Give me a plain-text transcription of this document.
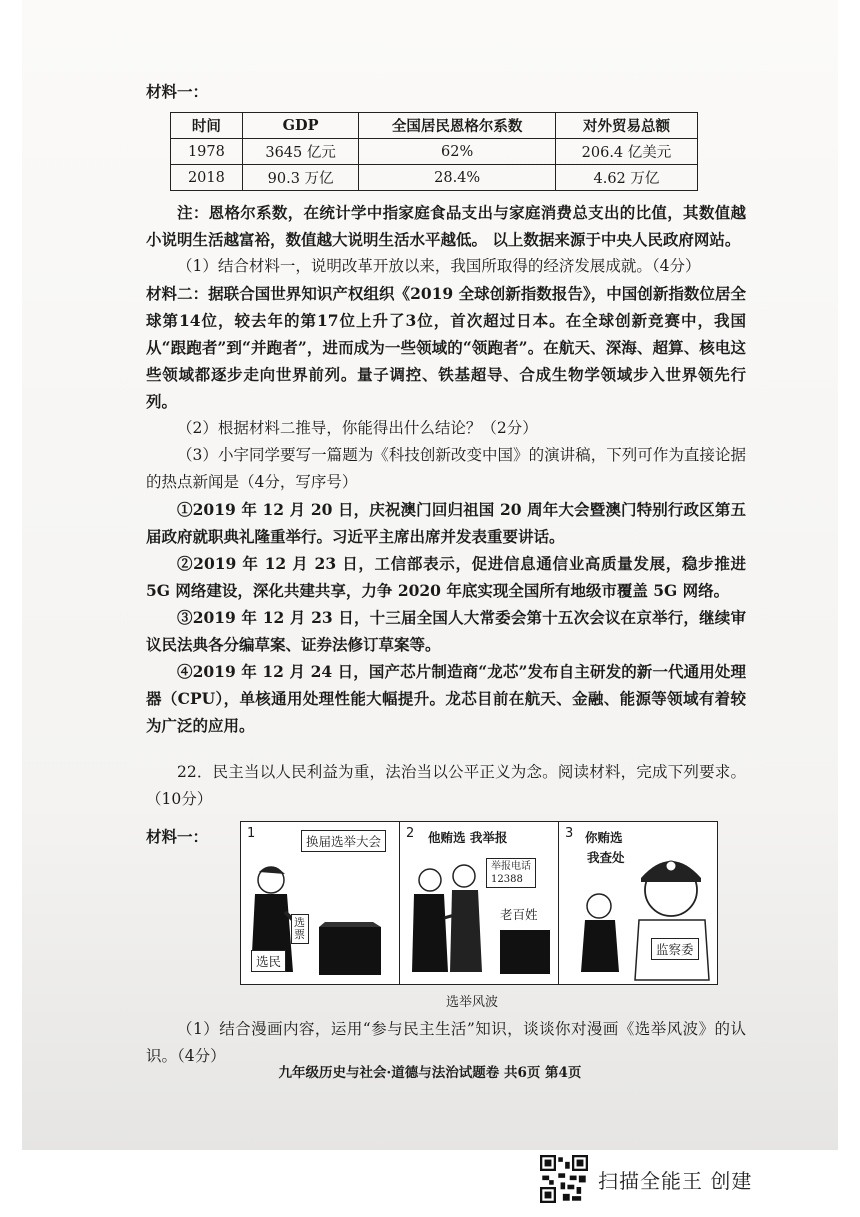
材料一：
时间	GDP	全国居民恩格尔系数	对外贸易总额
1978	3645 亿元	62%	206.4 亿美元
2018	90.3 万亿	28.4%	4.62 万亿
注：恩格尔系数，在统计学中指家庭食品支出与家庭消费总支出的比值，其数值越小说明生活越富裕，数值越大说明生活水平越低。 以上数据来源于中央人民政府网站。
（1）结合材料一，说明改革开放以来，我国所取得的经济发展成就。（4分）
材料二：据联合国世界知识产权组织《2019 全球创新指数报告》，中国创新指数位居全球第14位，较去年的第17位上升了3位，首次超过日本。在全球创新竞赛中，我国从“跟跑者”到“并跑者”，进而成为一些领域的“领跑者”。在航天、深海、超算、核电这些领域都逐步走向世界前列。量子调控、铁基超导、合成生物学领域步入世界领先行列。
（2）根据材料二推导，你能得出什么结论？（2分）
（3）小宇同学要写一篇题为《科技创新改变中国》的演讲稿，下列可作为直接论据的热点新闻是（4分，写序号）
①2019 年 12 月 20 日，庆祝澳门回归祖国 20 周年大会暨澳门特别行政区第五届政府就职典礼隆重举行。习近平主席出席并发表重要讲话。
②2019 年 12 月 23 日，工信部表示，促进信息通信业高质量发展，稳步推进 5G 网络建设，深化共建共享，力争 2020 年底实现全国所有地级市覆盖 5G 网络。
③2019 年 12 月 23 日，十三届全国人大常委会第十五次会议在京举行，继续审议民法典各分编草案、证券法修订草案等。
④2019 年 12 月 24 日，国产芯片制造商“龙芯”发布自主研发的新一代通用处理器（CPU），单核通用处理性能大幅提升。龙芯目前在航天、金融、能源等领域有着较为广泛的应用。
22．民主当以人民利益为重，法治当以公平正义为念。阅读材料，完成下列要求。（10分）
材料一：	1
换届选举大会
选票
选民
2 他贿选 我举报
举报电话
12388
老百姓
3 你贿选
我查处
监察委
选举风波
（1）结合漫画内容，运用“参与民主生活”知识，谈谈你对漫画《选举风波》的认识。（4分）
九年级历史与社会·道德与法治试题卷 共6页 第4页
扫描全能王 创建
